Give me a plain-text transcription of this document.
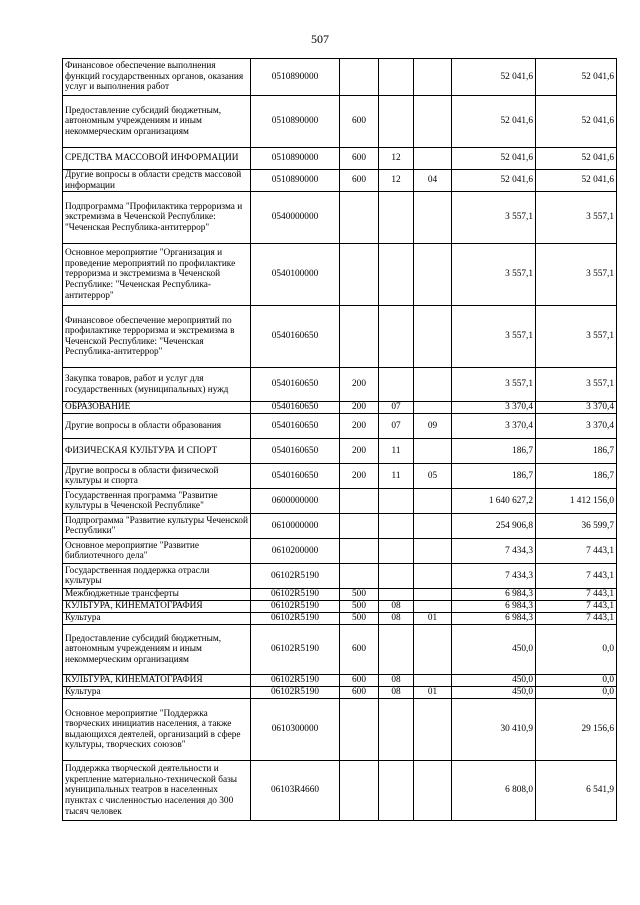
507
Финансовое обеспечение выполнения функций государственных органов, оказания услуг и выполнения работ	0510890000				52 041,6	52 041,6
Предоставление субсидий бюджетным, автономным учреждениям и иным некоммерческим организациям	0510890000	600			52 041,6	52 041,6
СРЕДСТВА МАССОВОЙ ИНФОРМАЦИИ	0510890000	600	12		52 041,6	52 041,6
Другие вопросы в области средств массовой информации	0510890000	600	12	04	52 041,6	52 041,6
Подпрограмма "Профилактика терроризма и экстремизма в Чеченской Республике: "Чеченская Республика-антитеррор"	0540000000				3 557,1	3 557,1
Основное мероприятие "Организация и проведение мероприятий по профилактике терроризма и экстремизма в Чеченской Республике: "Чеченская Республика-антитеррор"	0540100000				3 557,1	3 557,1
Финансовое обеспечение мероприятий по профилактике терроризма и экстремизма в Чеченской Республике: "Чеченская Республика-антитеррор"	0540160650				3 557,1	3 557,1
Закупка товаров, работ и услуг для государственных (муниципальных) нужд	0540160650	200			3 557,1	3 557,1
ОБРАЗОВАНИЕ	0540160650	200	07		3 370,4	3 370,4
Другие вопросы в области образования	0540160650	200	07	09	3 370,4	3 370,4
ФИЗИЧЕСКАЯ КУЛЬТУРА И СПОРТ	0540160650	200	11		186,7	186,7
Другие вопросы в области физической культуры и спорта	0540160650	200	11	05	186,7	186,7
Государственная программа "Развитие культуры в Чеченской Республике"	0600000000				1 640 627,2	1 412 156,0
Подпрограмма "Развитие культуры Чеченской Республики"	0610000000				254 906,8	36 599,7
Основное мероприятие "Развитие библиотечного дела"	0610200000				7 434,3	7 443,1
Государственная поддержка отрасли культуры	06102R5190				7 434,3	7 443,1
Межбюджетные трансферты	06102R5190	500			6 984,3	7 443,1
КУЛЬТУРА, КИНЕМАТОГРАФИЯ	06102R5190	500	08		6 984,3	7 443,1
Культура	06102R5190	500	08	01	6 984,3	7 443,1
Предоставление субсидий бюджетным, автономным учреждениям и иным некоммерческим организациям	06102R5190	600			450,0	0,0
КУЛЬТУРА, КИНЕМАТОГРАФИЯ	06102R5190	600	08		450,0	0,0
Культура	06102R5190	600	08	01	450,0	0,0
Основное мероприятие "Поддержка творческих инициатив населения, а также выдающихся деятелей, организаций в сфере культуры, творческих союзов"	0610300000				30 410,9	29 156,6
Поддержка творческой деятельности и укрепление материально-технической базы муниципальных театров в населенных пунктах с численностью населения до 300 тысяч человек	06103R4660				6 808,0	6 541,9
